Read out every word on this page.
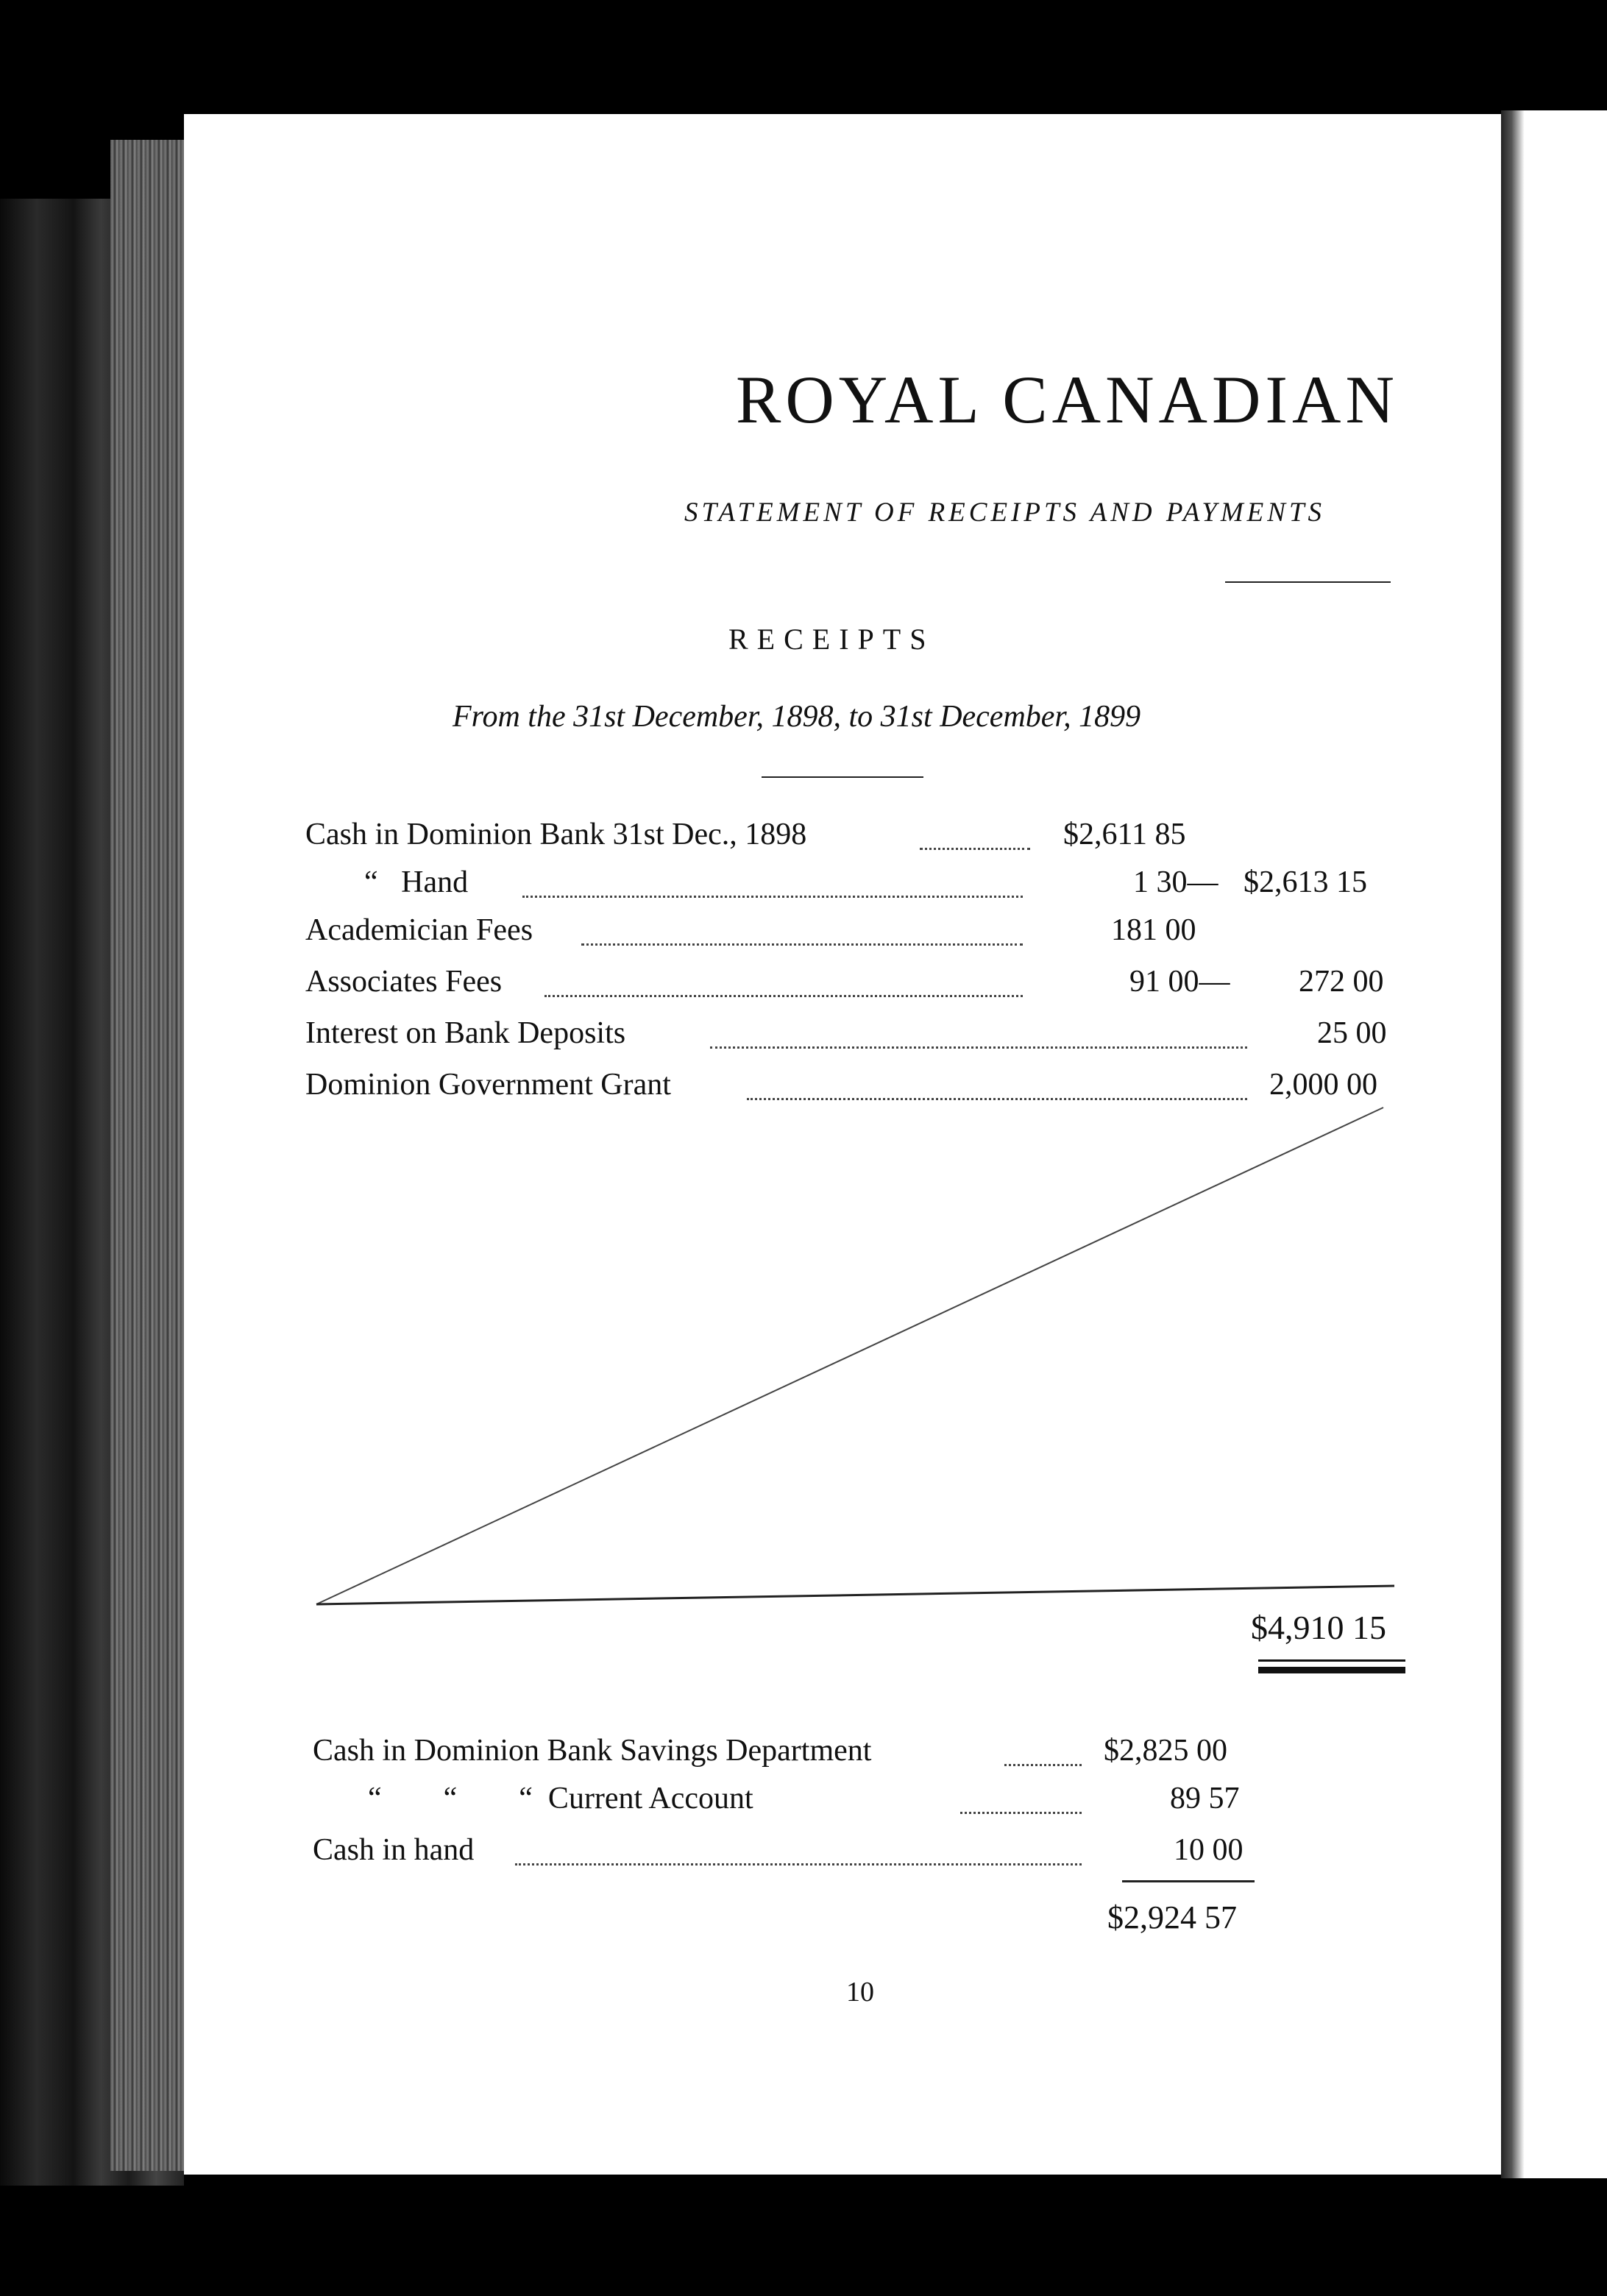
ROYAL CANADIAN
STATEMENT OF RECEIPTS AND PAYMENTS
RECEIPTS
From the 31st December, 1898, to 31st December, 1899
Cash in Dominion Bank 31st Dec., 1898	$2,611 85
“   Hand	1 30— $2,613 15
Academician Fees	181 00
Associates Fees	91 00— 272 00
Interest on Bank Deposits	25 00
Dominion Government Grant	2,000 00
$4,910 15
Cash in Dominion Bank Savings Department	$2,825 00
“        “        “  Current Account	89 57
Cash in hand	10 00
$2,924 57
10
